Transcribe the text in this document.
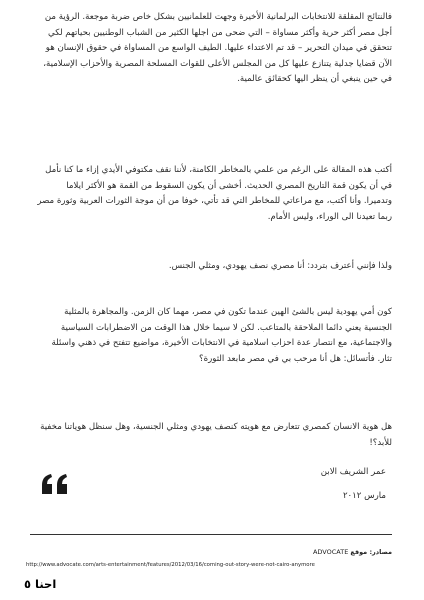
فالنتائج المقلقة للانتخابات البرلمانية الأخيرة وجهت للعلمانيين بشكل خاص ضربة موجعة. الرؤية من أجل مصر أكثر حرية وأكثر مساواة – التي ضحى من اجلها الكثير من الشباب الوطنيين بحياتهم لكي تتحقق في ميدان التحرير – قد تم الاعتداء عليها. الطيف الواسع من المساواة في حقوق الإنسان هو الآن قضايا جدلية يتنازع عليها كل من المجلس الأعلى للقوات المسلحة المصرية والأحزاب الإسلامية، في حين ينبغي أن ينظر اليها كحقائق عالمية.

أكتب هذه المقالة على الرغم من علمي بالمخاطر الكامنة، لأننا نقف مكتوفي الأيدي إزاء ما كنا نأمل في أن يكون قمة التاريخ المصري الحديث. أخشى أن يكون السقوط من القمة هو الأكثر ايلاما وتدميرا. وأنا أكتب، مع مراعاتي للمخاطر التي قد تأتي، خوفا من أن موجة الثورات العربية وثورة مصر ربما تعيدنا الى الوراء، وليس الأمام.

ولذا فإنني أعترف بتردد: أنا مصري نصف يهودي، ومثلي الجنس.

كون أمي يهودية ليس بالشئ الهين عندما تكون في مصر، مهما كان الزمن. والمجاهرة بالمثلية الجنسية يعني دائما الملاحقة بالمتاعب. لكن لا سيما خلال هذا الوقت من الاضطرابات السياسية والاجتماعية، مع انتصار عدة احزاب اسلامية في الانتخابات الأخيرة، مواضيع تتفتح في ذهني واسئلة تثار. فأتسائل: هل أنا مرحب بي في مصر مابعد الثورة؟

هل هوية الانسان كمصري تتعارض مع هويته كنصف يهودي ومثلي الجنسية، وهل سنظل هوياتنا مخفية للأبد؟!

عمر الشريف الابن
مارس ٢٠١٢
مصادر: موقع ADVOCATE
http://www.advocate.com/arts-entertainment/features/2012/03/16/coming-out-story-were-not-cairo-anymore
احنا ٥
